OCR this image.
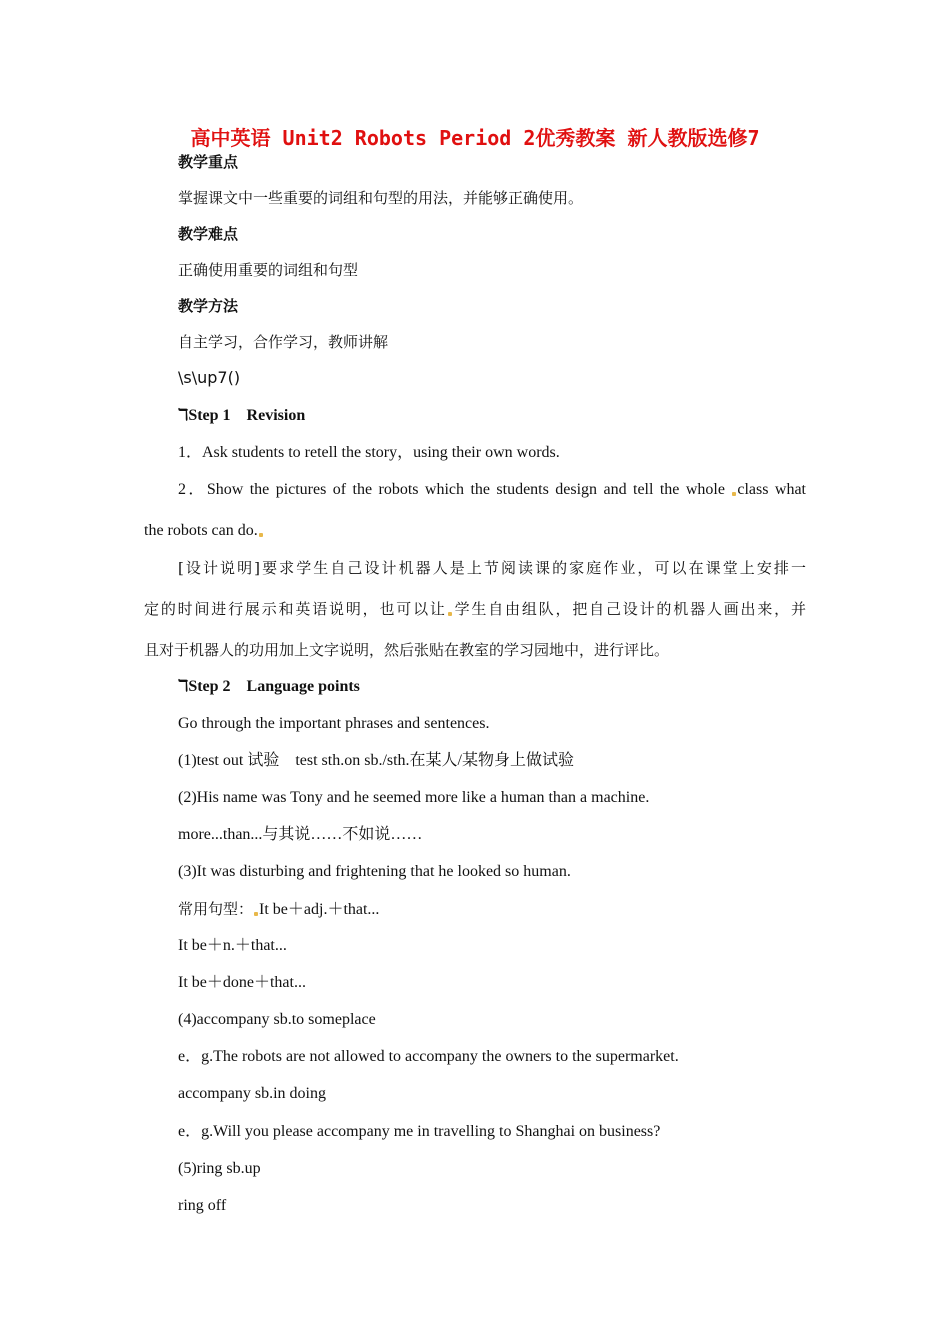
高中英语 Unit2 Robots Period 2优秀教案 新人教版选修7
教学重点
掌握课文中一些重要的词组和句型的用法，并能够正确使用。
教学难点
正确使用重要的词组和句型
教学方法
自主学习，合作学习，教师讲解
\s\up7()
ℸStep 1　Revision
1．Ask students to retell the story，using their own words.
2．Show the pictures of the robots which the students design and tell the whole class what
the robots can do.
[设计说明]要求学生自己设计机器人是上节阅读课的家庭作业，可以在课堂上安排一
定的时间进行展示和英语说明，也可以让 学生自由组队，把自己设计的机器人画出来，并
且对于机器人的功用加上文字说明，然后张贴在教室的学习园地中，进行评比。
ℸStep 2　Language points
Go through the important phrases and sentences.
(1)test out 试验　test sth.on sb./sth.在某人/某物身上做试验
(2)His name was Tony and he seemed more like a human than a machine.
more...than...与其说……不如说……
(3)It was disturbing and frightening that he looked so human.
常用句型： It be＋adj.＋that...
It be＋n.＋that...
It be＋done＋that...
(4)accompany sb.to someplace
e．g.The robots are not allowed to accompany the owners to the supermarket.
accompany sb.in doing
e．g.Will you please accompany me in travelling to Shanghai on business?
(5)ring sb.up
ring off
